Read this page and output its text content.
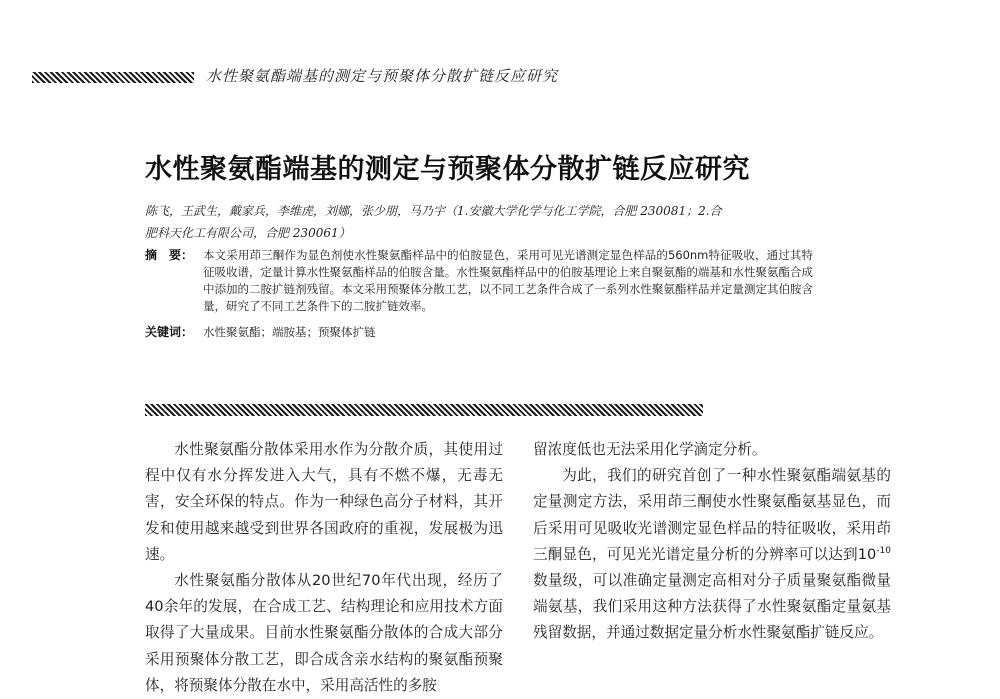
水性聚氨酯端基的测定与预聚体分散扩链反应研究
水性聚氨酯端基的测定与预聚体分散扩链反应研究
陈飞，王武生，戴家兵，李维虎，刘娜，张少朋，马乃宇（1.安徽大学化学与化工学院，合肥 230081；2.合
肥科天化工有限公司，合肥 230061）
摘　要： 本文采用茚三酮作为显色剂使水性聚氨酯样品中的伯胺显色，采用可见光谱测定显色样品的560nm特征吸收，通过其特征吸收谱，定量计算水性聚氨酯样品的伯胺含量。水性聚氨酯样品中的伯胺基理论上来自聚氨酯的端基和水性聚氨酯合成中添加的二胺扩链剂残留。本文采用预聚体分散工艺，以不同工艺条件合成了一系列水性聚氨酯样品并定量测定其伯胺含量，研究了不同工艺条件下的二胺扩链效率。
关键词： 水性聚氨酯；端胺基；预聚体扩链

水性聚氨酯分散体采用水作为分散介质，其使用过程中仅有水分挥发进入大气，具有不燃不爆，无毒无害，安全环保的特点。作为一种绿色高分子材料，其开发和使用越来越受到世界各国政府的重视，发展极为迅速。

水性聚氨酯分散体从20世纪70年代出现，经历了40余年的发展，在合成工艺、结构理论和应用技术方面取得了大量成果。目前水性聚氨酯分散体的合成大部分采用预聚体分散工艺，即合成含亲水结构的聚氨酯预聚体，将预聚体分散在水中，采用高活性的多胺

留浓度低也无法采用化学滴定分析。

为此，我们的研究首创了一种水性聚氨酯端氨基的定量测定方法，采用茚三酮使水性聚氨酯氨基显色，而后采用可见吸收光谱测定显色样品的特征吸收，采用茚三酮显色，可见光光谱定量分析的分辨率可以达到$10^{-10}$数量级，可以准确定量测定高相对分子质量聚氨酯微量端氨基，我们采用这种方法获得了水性聚氨酯定量氨基残留数据，并通过数据定量分析水性聚氨酯扩链反应。
